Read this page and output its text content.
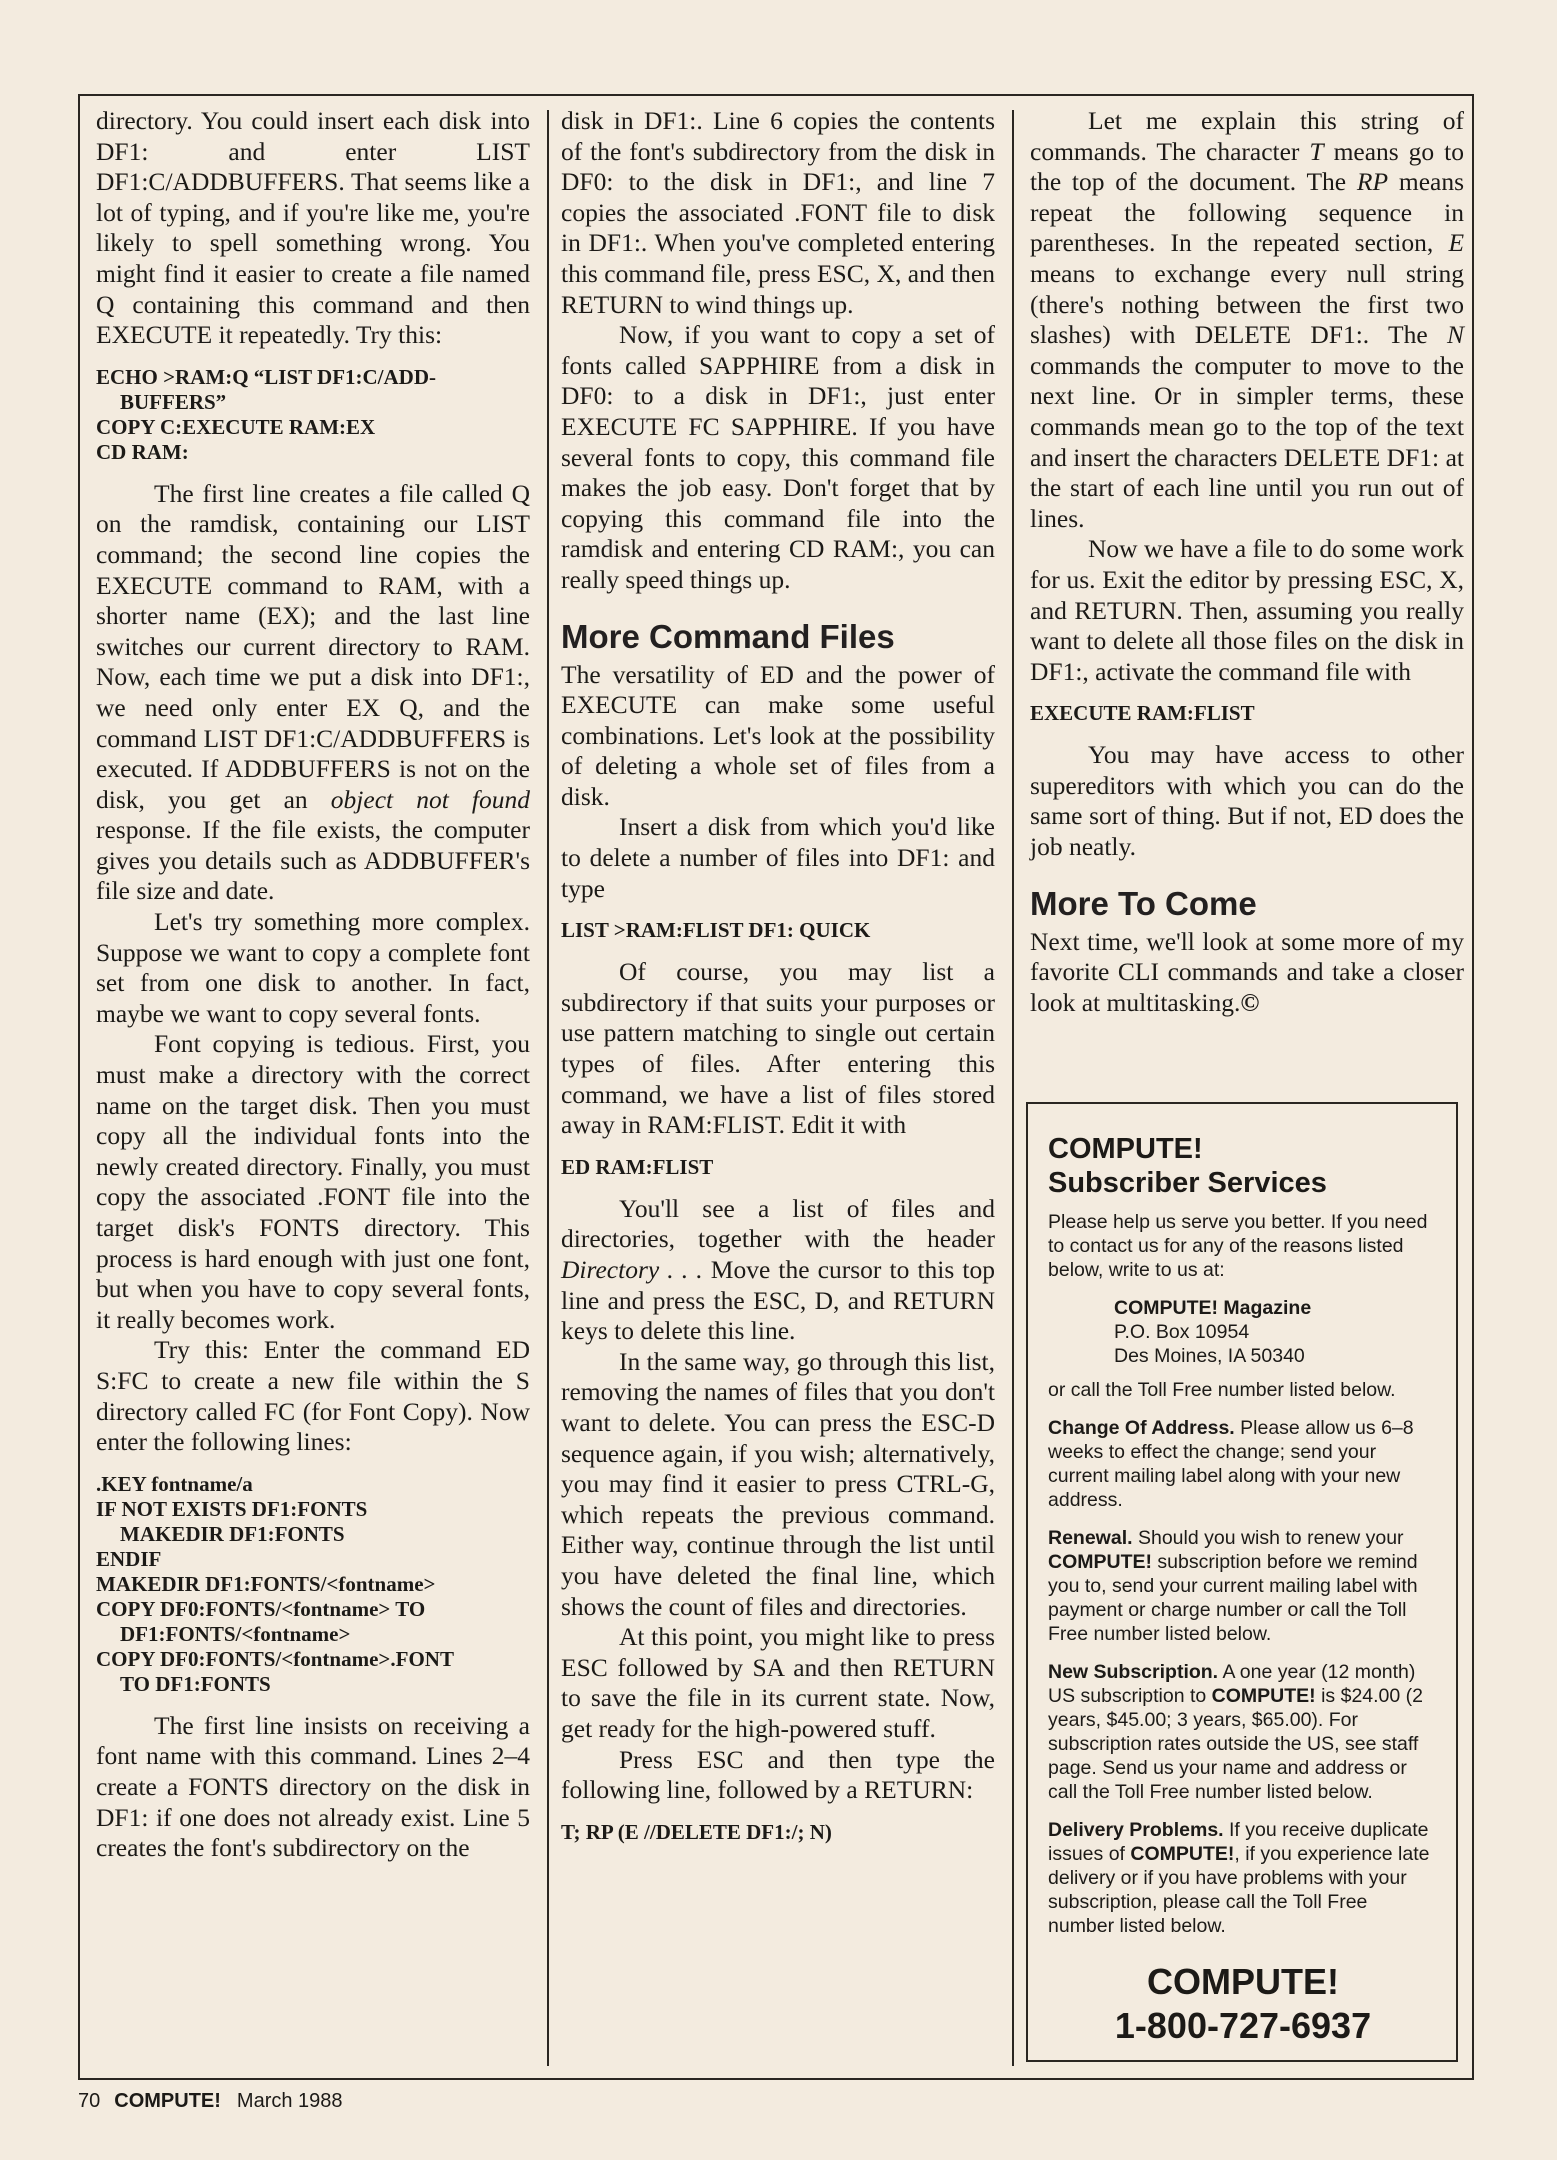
directory. You could insert each disk into DF1: and enter LIST DF1:C/ADDBUFFERS. That seems like a lot of typing, and if you're like me, you're likely to spell something wrong. You might find it easier to create a file named Q containing this command and then EXECUTE it repeatedly. Try this:

ECHO >RAM:Q “LIST DF1:C/ADD-
BUFFERS”
COPY C:EXECUTE RAM:EX
CD RAM:

The first line creates a file called Q on the ramdisk, containing our LIST command; the second line copies the EXECUTE command to RAM, with a shorter name (EX); and the last line switches our current directory to RAM. Now, each time we put a disk into DF1:, we need only enter EX Q, and the command LIST DF1:C/ADDBUFFERS is executed. If ADDBUFFERS is not on the disk, you get an object not found response. If the file exists, the computer gives you details such as ADDBUFFER's file size and date.

Let's try something more complex. Suppose we want to copy a complete font set from one disk to another. In fact, maybe we want to copy several fonts.

Font copying is tedious. First, you must make a directory with the correct name on the target disk. Then you must copy all the individual fonts into the newly created directory. Finally, you must copy the associated .FONT file into the target disk's FONTS directory. This process is hard enough with just one font, but when you have to copy several fonts, it really becomes work.

Try this: Enter the command ED S:FC to create a new file within the S directory called FC (for Font Copy). Now enter the following lines:

.KEY fontname/a
IF NOT EXISTS DF1:FONTS
MAKEDIR DF1:FONTS
ENDIF
MAKEDIR DF1:FONTS/<fontname>
COPY DF0:FONTS/<fontname> TO
DF1:FONTS/<fontname>
COPY DF0:FONTS/<fontname>.FONT
TO DF1:FONTS

The first line insists on receiving a font name with this command. Lines 2–4 create a FONTS directory on the disk in DF1: if one does not already exist. Line 5 creates the font's subdirectory on the

disk in DF1:. Line 6 copies the contents of the font's subdirectory from the disk in DF0: to the disk in DF1:, and line 7 copies the associated .FONT file to disk in DF1:. When you've completed entering this command file, press ESC, X, and then RETURN to wind things up.

Now, if you want to copy a set of fonts called SAPPHIRE from a disk in DF0: to a disk in DF1:, just enter EXECUTE FC SAPPHIRE. If you have several fonts to copy, this command file makes the job easy. Don't forget that by copying this command file into the ramdisk and entering CD RAM:, you can really speed things up.

More Command Files

The versatility of ED and the power of EXECUTE can make some useful combinations. Let's look at the possibility of deleting a whole set of files from a disk.

Insert a disk from which you'd like to delete a number of files into DF1: and type

LIST >RAM:FLIST DF1: QUICK

Of course, you may list a subdirectory if that suits your purposes or use pattern matching to single out certain types of files. After entering this command, we have a list of files stored away in RAM:FLIST. Edit it with

ED RAM:FLIST

You'll see a list of files and directories, together with the header Directory . . . Move the cursor to this top line and press the ESC, D, and RETURN keys to delete this line.

In the same way, go through this list, removing the names of files that you don't want to delete. You can press the ESC-D sequence again, if you wish; alternatively, you may find it easier to press CTRL-G, which repeats the previous command. Either way, continue through the list until you have deleted the final line, which shows the count of files and directories.

At this point, you might like to press ESC followed by SA and then RETURN to save the file in its current state. Now, get ready for the high-powered stuff.

Press ESC and then type the following line, followed by a RETURN:

T; RP (E //DELETE DF1:/; N)

Let me explain this string of commands. The character T means go to the top of the document. The RP means repeat the following sequence in parentheses. In the repeated section, E means to exchange every null string (there's nothing between the first two slashes) with DELETE DF1:. The N commands the computer to move to the next line. Or in simpler terms, these commands mean go to the top of the text and insert the characters DELETE DF1: at the start of each line until you run out of lines.

Now we have a file to do some work for us. Exit the editor by pressing ESC, X, and RETURN. Then, assuming you really want to delete all those files on the disk in DF1:, activate the command file with

EXECUTE RAM:FLIST

You may have access to other supereditors with which you can do the same sort of thing. But if not, ED does the job neatly.

More To Come

Next time, we'll look at some more of my favorite CLI commands and take a closer look at multitasking.©

COMPUTE!
Subscriber Services

Please help us serve you better. If you need to contact us for any of the reasons listed below, write to us at:

COMPUTE! Magazine
P.O. Box 10954
Des Moines, IA 50340

or call the Toll Free number listed below.

Change Of Address. Please allow us 6–8 weeks to effect the change; send your current mailing label along with your new address.

Renewal. Should you wish to renew your COMPUTE! subscription before we remind you to, send your current mailing label with payment or charge number or call the Toll Free number listed below.

New Subscription. A one year (12 month) US subscription to COMPUTE! is $24.00 (2 years, $45.00; 3 years, $65.00). For subscription rates outside the US, see staff page. Send us your name and address or call the Toll Free number listed below.

Delivery Problems. If you receive duplicate issues of COMPUTE!, if you experience late delivery or if you have problems with your subscription, please call the Toll Free number listed below.

COMPUTE!
1-800-727-6937
70 COMPUTE! March 1988
